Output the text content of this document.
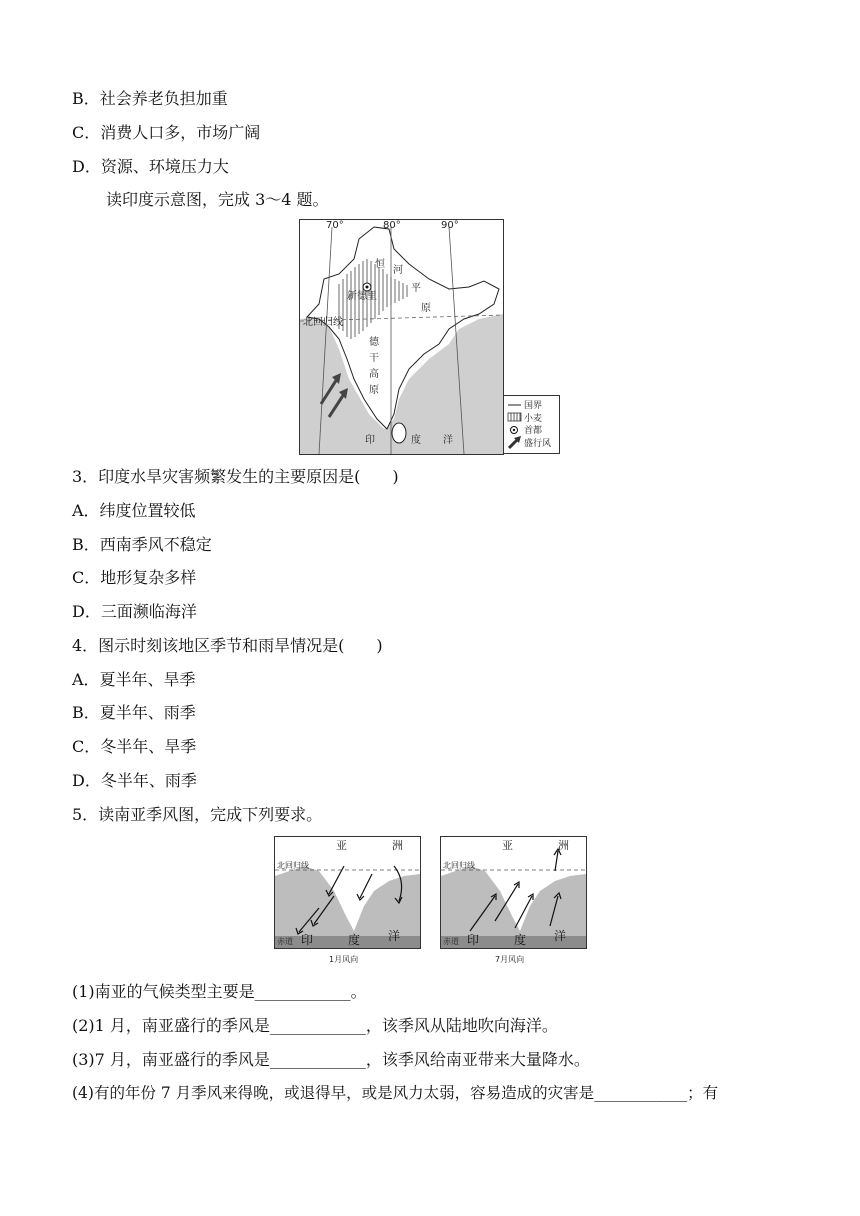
B．社会养老负担加重
C．消费人口多，市场广阔
D．资源、环境压力大
读印度示意图，完成 3～4 题。
70°	80°	90°
新德里
恒
河
平
原
北回归线
德
干
高
原
印	度 洋
国界
小麦
首都
盛行风
3．印度水旱灾害频繁发生的主要原因是(　　)
A．纬度位置较低
B．西南季风不稳定
C．地形复杂多样
D．三面濒临海洋
4．图示时刻该地区季节和雨旱情况是(　　)
A．夏半年、旱季
B．夏半年、雨季
C．冬半年、旱季
D．冬半年、雨季
5．读南亚季风图，完成下列要求。
亚	洲
北回归线
赤道 印	度 洋
1月风向
亚	洲
北回归线
赤道 印	度 洋
7月风向
(1)南亚的气候类型主要是____________。
(2)1 月，南亚盛行的季风是____________，该季风从陆地吹向海洋。
(3)7 月，南亚盛行的季风是____________，该季风给南亚带来大量降水。
(4)有的年份 7 月季风来得晚，或退得早，或是风力太弱，容易造成的灾害是____________；有
